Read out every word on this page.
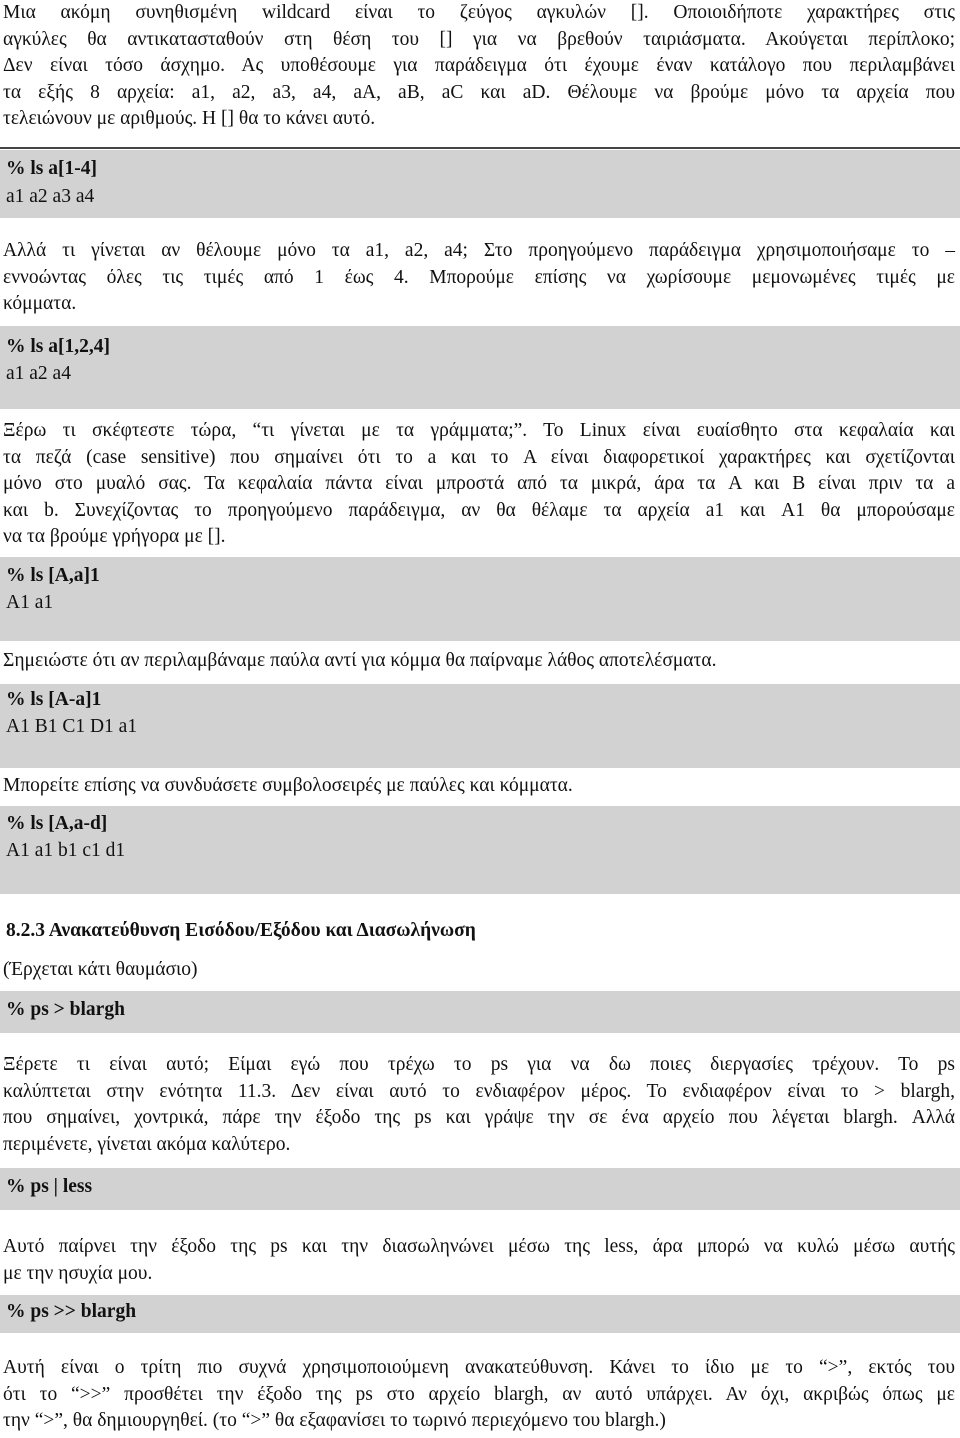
Μια ακόμη συνηθισμένη wildcard είναι το ζεύγος αγκυλών []. Οποιοιδήποτε χαρακτήρες στις
αγκύλες θα αντικατασταθούν στη θέση του [] για να βρεθούν ταιριάσματα. Ακούγεται περίπλοκο;
Δεν είναι τόσο άσχημο. Ας υποθέσουμε για παράδειγμα ότι έχουμε έναν κατάλογο που περιλαμβάνει
τα εξής 8 αρχεία: a1, a2, a3, a4, aA, aB, aC και aD. Θέλουμε να βρούμε μόνο τα αρχεία που
τελειώνουν με αριθμούς. Η [] θα το κάνει αυτό.
% ls a[1-4]
a1 a2 a3 a4
Αλλά τι γίνεται αν θέλουμε μόνο τα a1, a2, a4; Στο προηγούμενο παράδειγμα χρησιμοποιήσαμε το –
εννοώντας όλες τις τιμές από 1 έως 4. Μπορούμε επίσης να χωρίσουμε μεμονωμένες τιμές με
κόμματα.
% ls a[1,2,4]
a1 a2 a4
Ξέρω τι σκέφτεστε τώρα, “τι γίνεται με τα γράμματα;”. Το Linux είναι ευαίσθητο στα κεφαλαία και
τα πεζά (case sensitive) που σημαίνει ότι το a και το A είναι διαφορετικοί χαρακτήρες και σχετίζονται
μόνο στο μυαλό σας. Τα κεφαλαία πάντα είναι μπροστά από τα μικρά, άρα τα A και B είναι πριν τα a
και b. Συνεχίζοντας το προηγούμενο παράδειγμα, αν θα θέλαμε τα αρχεία a1 και A1 θα μπορούσαμε
να τα βρούμε γρήγορα με [].
% ls [A,a]1
A1 a1
Σημειώστε ότι αν περιλαμβάναμε παύλα αντί για κόμμα θα παίρναμε λάθος αποτελέσματα.
% ls [A-a]1
A1 B1 C1 D1 a1
Μπορείτε επίσης να συνδυάσετε συμβολοσειρές με παύλες και κόμματα.
% ls [A,a-d]
A1 a1 b1 c1 d1
8.2.3 Ανακατεύθυνση Εισόδου/Εξόδου και Διασωλήνωση
(Έρχεται κάτι θαυμάσιο)
% ps > blargh
Ξέρετε τι είναι αυτό; Είμαι εγώ που τρέχω το ps για να δω ποιες διεργασίες τρέχουν. Το ps
καλύπτεται στην ενότητα 11.3. Δεν είναι αυτό το ενδιαφέρον μέρος. Το ενδιαφέρον είναι το > blargh,
που σημαίνει, χοντρικά, πάρε την έξοδο της ps και γράψε την σε ένα αρχείο που λέγεται blargh. Αλλά
περιμένετε, γίνεται ακόμα καλύτερο.
% ps | less
Αυτό παίρνει την έξοδο της ps και την διασωληνώνει μέσω της less, άρα μπορώ να κυλώ μέσω αυτής
με την ησυχία μου.
% ps >> blargh
Αυτή είναι ο τρίτη πιο συχνά χρησιμοποιούμενη ανακατεύθυνση. Κάνει το ίδιο με το “>”, εκτός του
ότι το “>>” προσθέτει την έξοδο της ps στο αρχείο blargh, αν αυτό υπάρχει. Αν όχι, ακριβώς όπως με
την “>”, θα δημιουργηθεί. (το “>” θα εξαφανίσει το τωρινό περιεχόμενο του blargh.)
